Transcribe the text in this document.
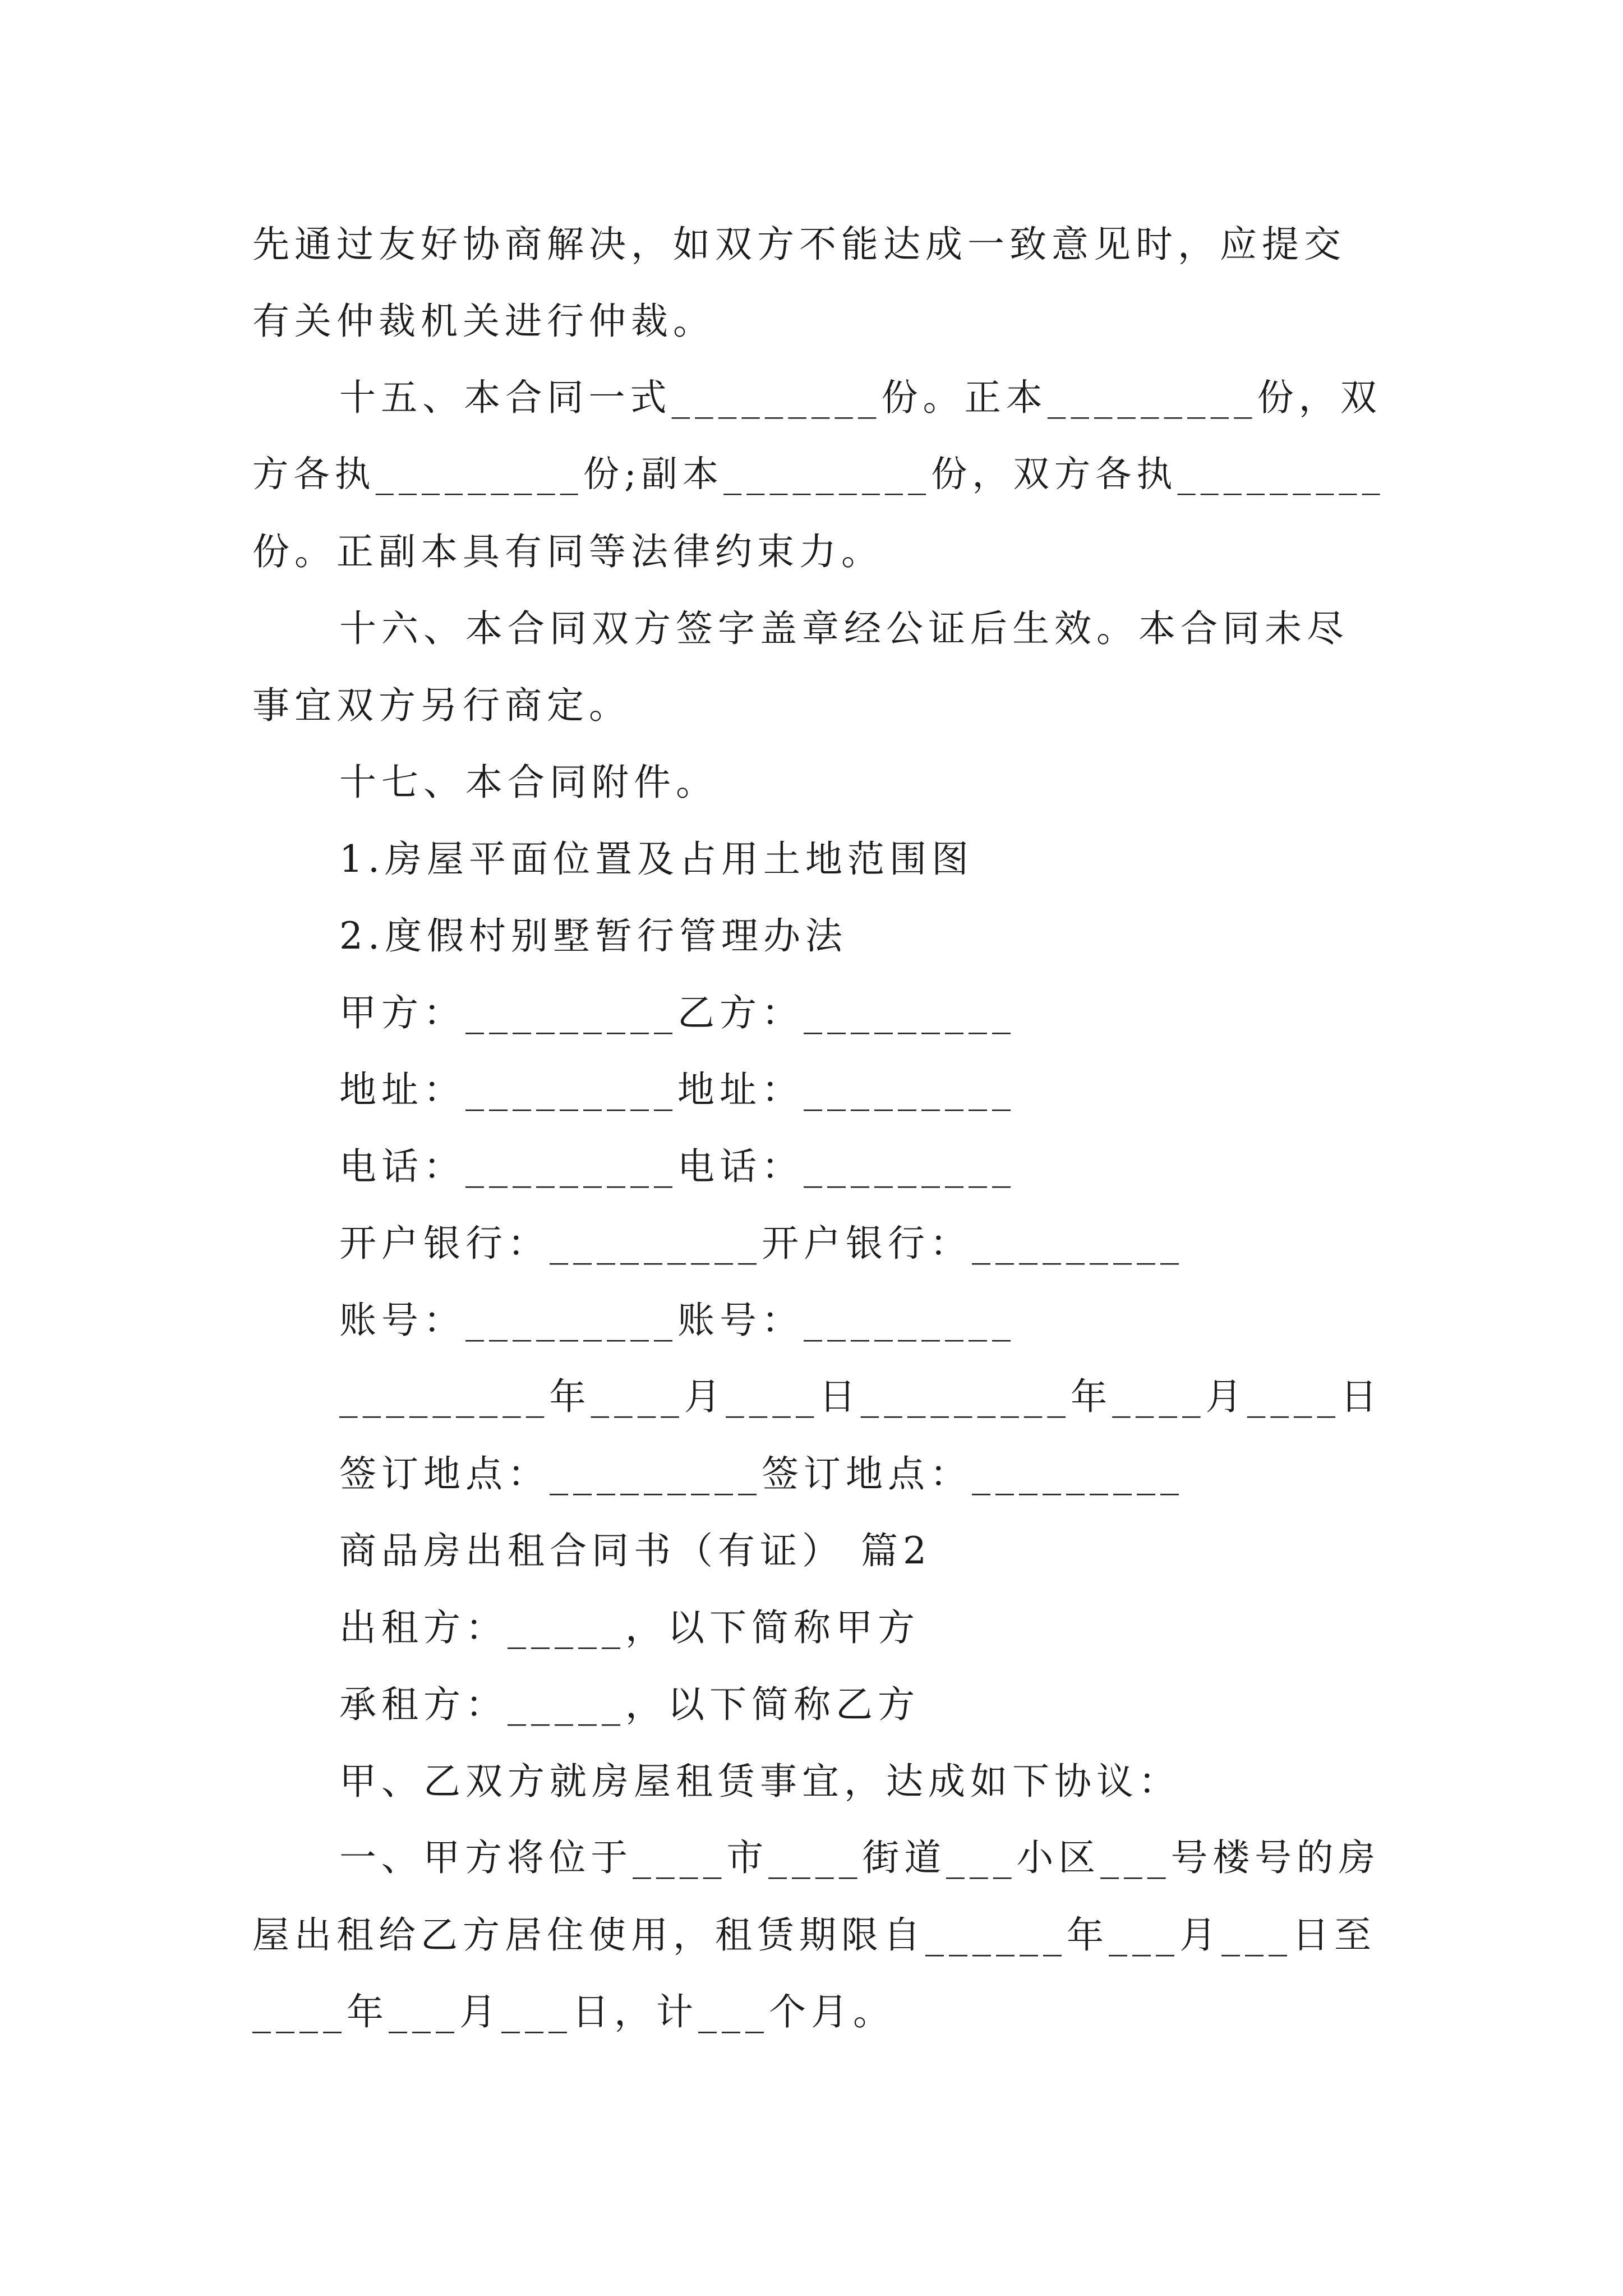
先通过友好协商解决，如双方不能达成一致意见时，应提交
有关仲裁机关进行仲裁。
十五、本合同一式_________份。正本_________份，双
方各执_________份;副本_________份，双方各执_________
份。正副本具有同等法律约束力。
十六、本合同双方签字盖章经公证后生效。本合同未尽
事宜双方另行商定。
十七、本合同附件。
1.房屋平面位置及占用土地范围图
2.度假村别墅暂行管理办法
甲方：_________乙方：_________
地址：_________地址：_________
电话：_________电话：_________
开户银行：_________开户银行：_________
账号：_________账号：_________
_________年____月____日_________年____月____日
签订地点：_________签订地点：_________
商品房出租合同书（有证） 篇2
出租方：_____，以下简称甲方
承租方：_____，以下简称乙方
甲、乙双方就房屋租赁事宜，达成如下协议：
一、甲方将位于____市____街道___小区___号楼号的房
屋出租给乙方居住使用，租赁期限自______年___月___日至
____年___月___日，计___个月。
